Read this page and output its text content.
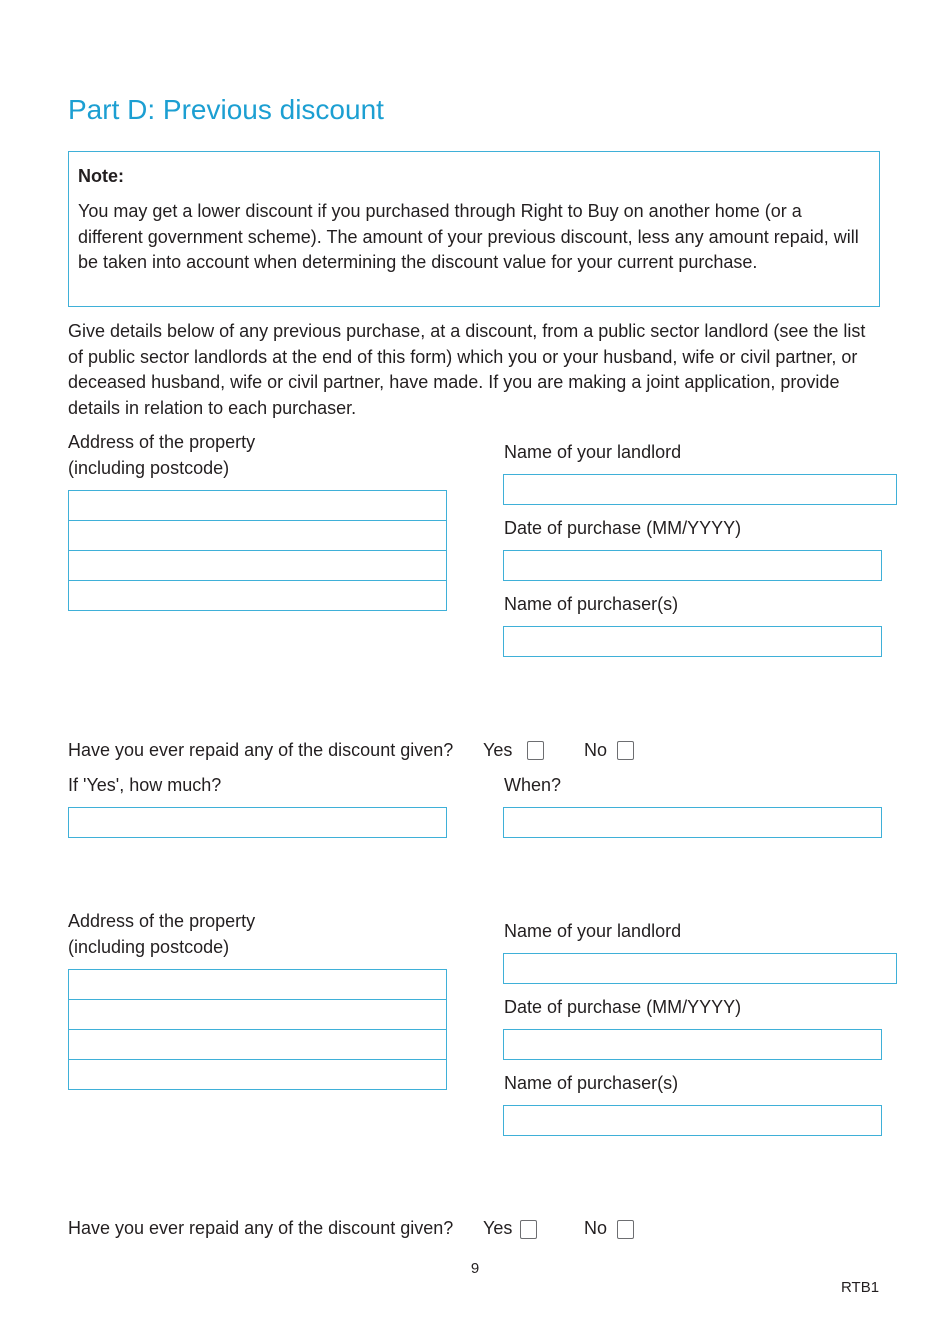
Part D: Previous discount
Note:
You may get a lower discount if you purchased through Right to Buy on another home (or a different government scheme). The amount of your previous discount, less any amount repaid, will be taken into account when determining the discount value for your current purchase.
Give details below of any previous purchase, at a discount, from a public sector landlord (see the list of public sector landlords at the end of this form) which you or your husband, wife or civil partner, or deceased husband, wife or civil partner, have made. If you are making a joint application, provide details in relation to each purchaser.
Address of the property
(including postcode)
Name of your landlord
Date of purchase (MM/YYYY)
Name of purchaser(s)
Have you ever repaid any of the discount given? Yes	No
If 'Yes', how much?	When?
Address of the property
(including postcode)
Name of your landlord
Date of purchase (MM/YYYY)
Name of purchaser(s)
Have you ever repaid any of the discount given? Yes	No
9
RTB1
